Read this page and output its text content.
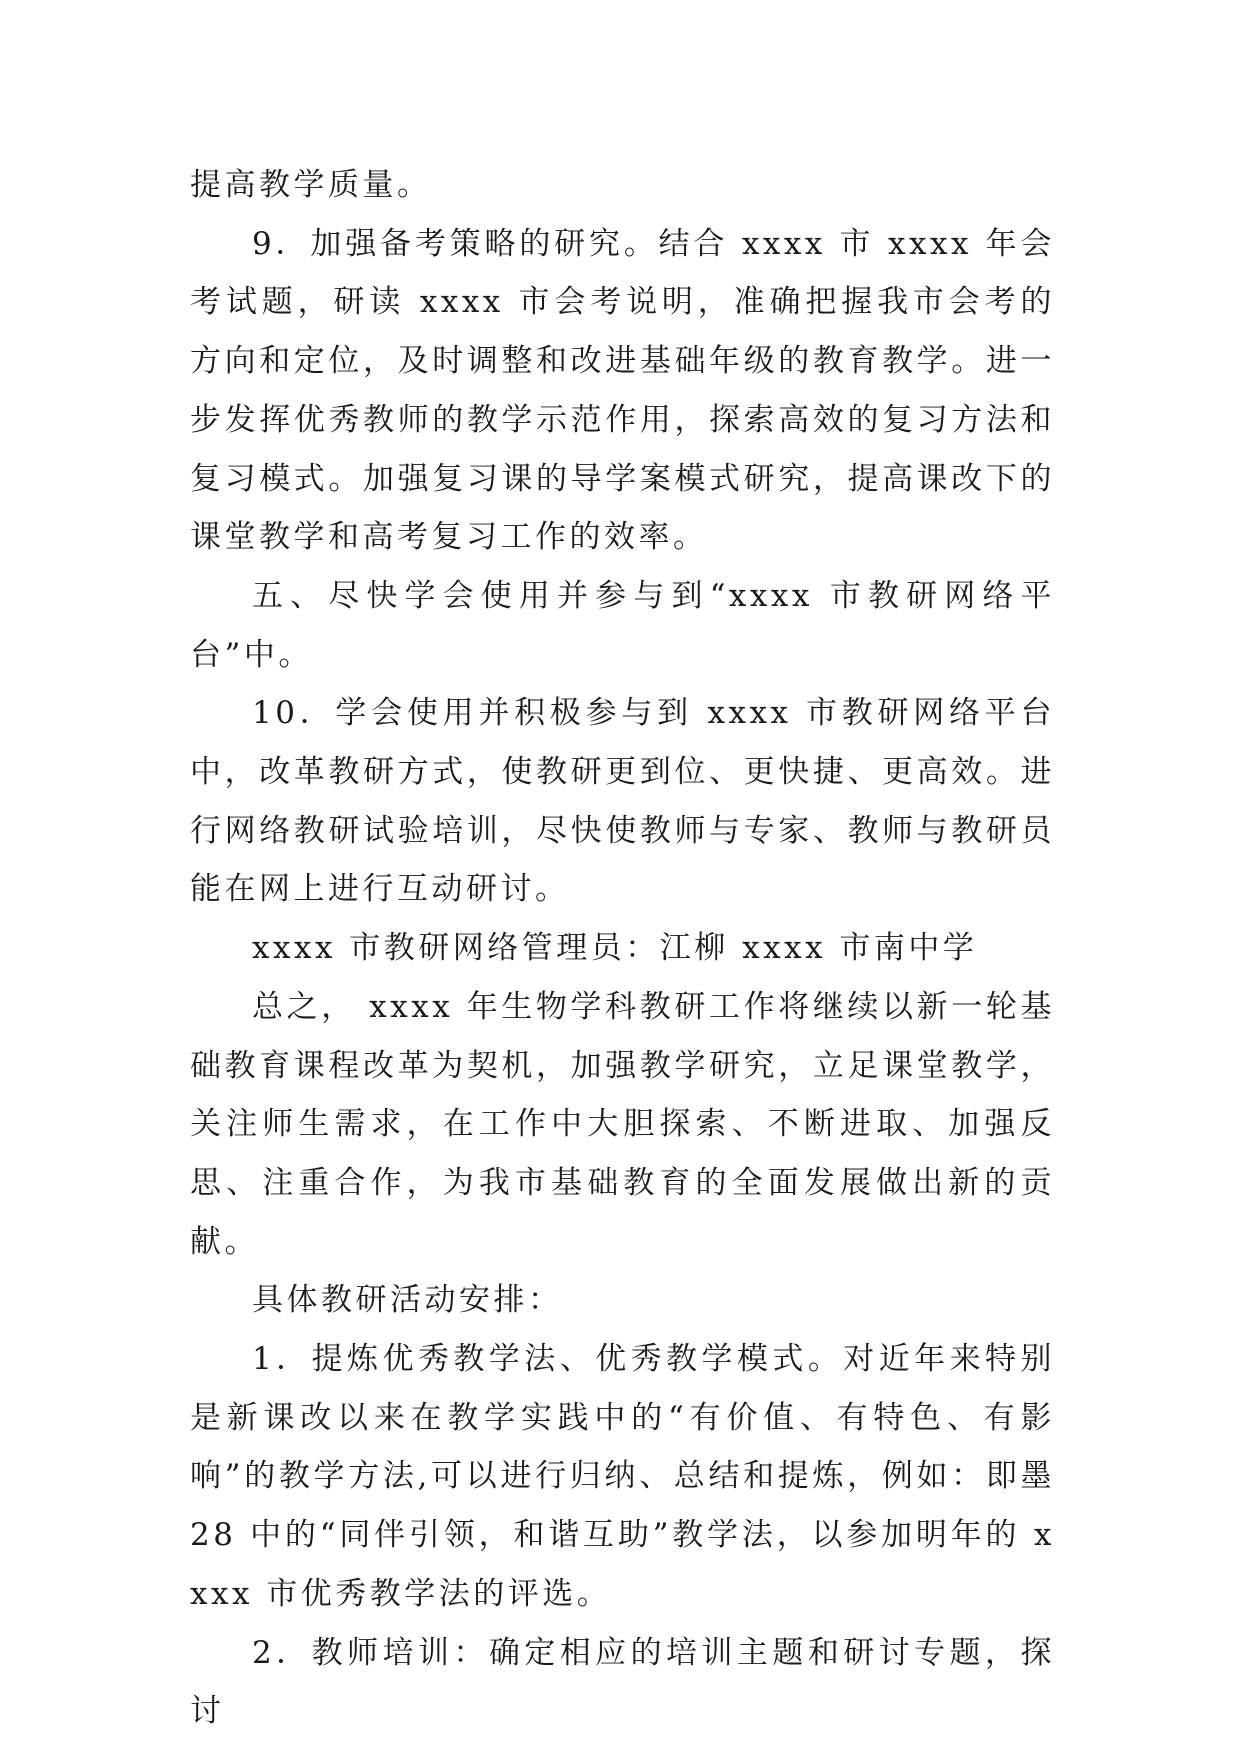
提高教学质量。

9．加强备考策略的研究。结合 xxxx 市 xxxx 年会考试题，研读 xxxx 市会考说明，准确把握我市会考的方向和定位，及时调整和改进基础年级的教育教学。进一步发挥优秀教师的教学示范作用，探索高效的复习方法和复习模式。加强复习课的导学案模式研究，提高课改下的课堂教学和高考复习工作的效率。

五、尽快学会使用并参与到“xxxx 市教研网络平台”中。

10．学会使用并积极参与到 xxxx 市教研网络平台中，改革教研方式，使教研更到位、更快捷、更高效。进行网络教研试验培训，尽快使教师与专家、教师与教研员能在网上进行互动研讨。

xxxx 市教研网络管理员：江柳 xxxx 市南中学

总之， xxxx 年生物学科教研工作将继续以新一轮基础教育课程改革为契机，加强教学研究，立足课堂教学，关注师生需求，在工作中大胆探索、不断进取、加强反思、注重合作，为我市基础教育的全面发展做出新的贡献。

具体教研活动安排：

1．提炼优秀教学法、优秀教学模式。对近年来特别是新课改以来在教学实践中的“有价值、有特色、有影响”的教学方法,可以进行归纳、总结和提炼，例如：即墨28 中的“同伴引领，和谐互助”教学法，以参加明年的 xxxx 市优秀教学法的评选。

2．教师培训：确定相应的培训主题和研讨专题，探讨
